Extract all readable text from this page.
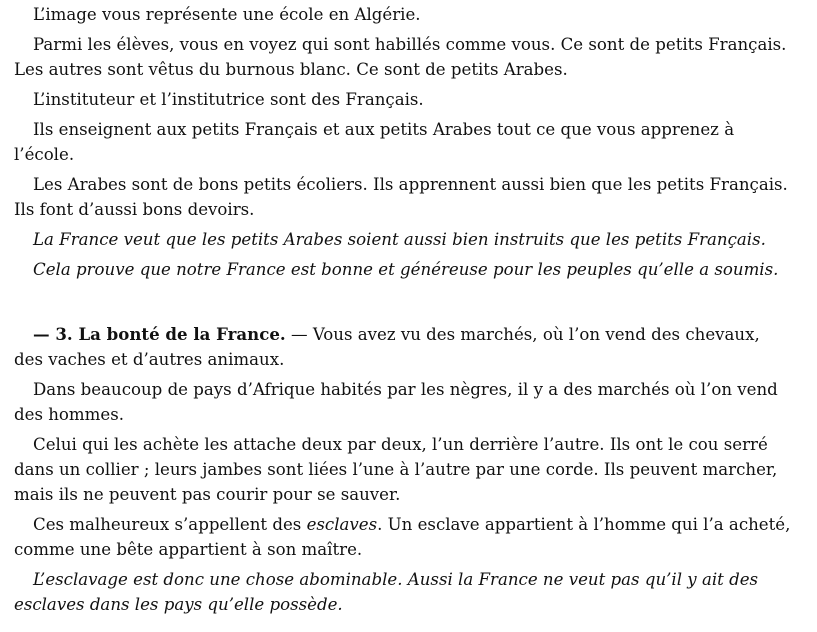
L’image vous représente une école en Algérie.

Parmi les élèves, vous en voyez qui sont habillés comme vous. Ce sont de petits Français. Les autres sont vêtus du burnous blanc. Ce sont de petits Arabes.

L’instituteur et l’institutrice sont des Français.

Ils enseignent aux petits Français et aux petits Arabes tout ce que vous apprenez à l’école.

Les Arabes sont de bons petits écoliers. Ils apprennent aussi bien que les petits Français. Ils font d’aussi bons devoirs.

La France veut que les petits Arabes soient aussi bien instruits que les petits Français.

Cela prouve que notre France est bonne et généreuse pour les peuples qu’elle a soumis.

— 3. La bonté de la France. — Vous avez vu des marchés, où l’on vend des chevaux, des vaches et d’autres animaux.

Dans beaucoup de pays d’Afrique habités par les nègres, il y a des marchés où l’on vend des hommes.

Celui qui les achète les attache deux par deux, l’un derrière l’autre. Ils ont le cou serré dans un collier ; leurs jambes sont liées l’une à l’autre par une corde. Ils peuvent marcher, mais ils ne peuvent pas courir pour se sauver.

Ces malheureux s’appellent des esclaves. Un esclave appartient à l’homme qui l’a acheté, comme une bête appartient à son maître.

L’esclavage est donc une chose abominable. Aussi la France ne veut pas qu’il y ait des esclaves dans les pays qu’elle possède.
